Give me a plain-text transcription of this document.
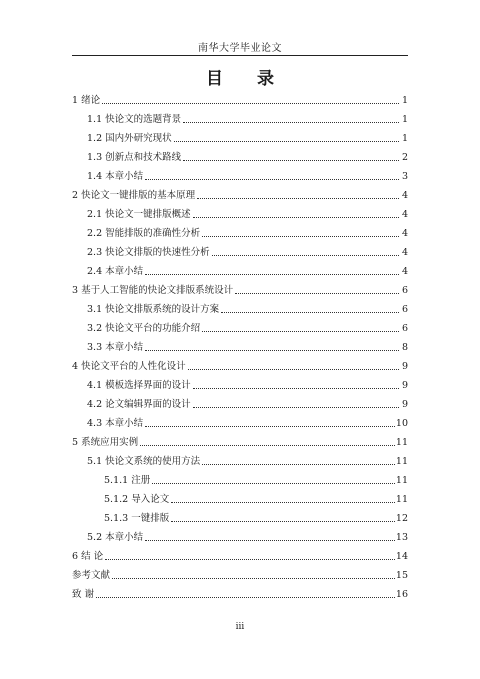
南华大学毕业论文
目 录
1 绪论	1
1.1 快论文的选题背景	1
1.2 国内外研究现状	1
1.3 创新点和技术路线	2
1.4 本章小结	3
2 快论文一键排版的基本原理	4
2.1 快论文一键排版概述	4
2.2 智能排版的准确性分析	4
2.3 快论文排版的快速性分析	4
2.4 本章小结	4
3 基于人工智能的快论文排版系统设计	6
3.1 快论文排版系统的设计方案	6
3.2 快论文平台的功能介绍	6
3.3 本章小结	8
4 快论文平台的人性化设计	9
4.1 模板选择界面的设计	9
4.2 论文编辑界面的设计	9
4.3 本章小结	10
5 系统应用实例	11
5.1 快论文系统的使用方法	11
5.1.1 注册	11
5.1.2 导入论文	11
5.1.3 一键排版	12
5.2 本章小结	13
6 结 论	14
参考文献	15
致 谢	16
iii
